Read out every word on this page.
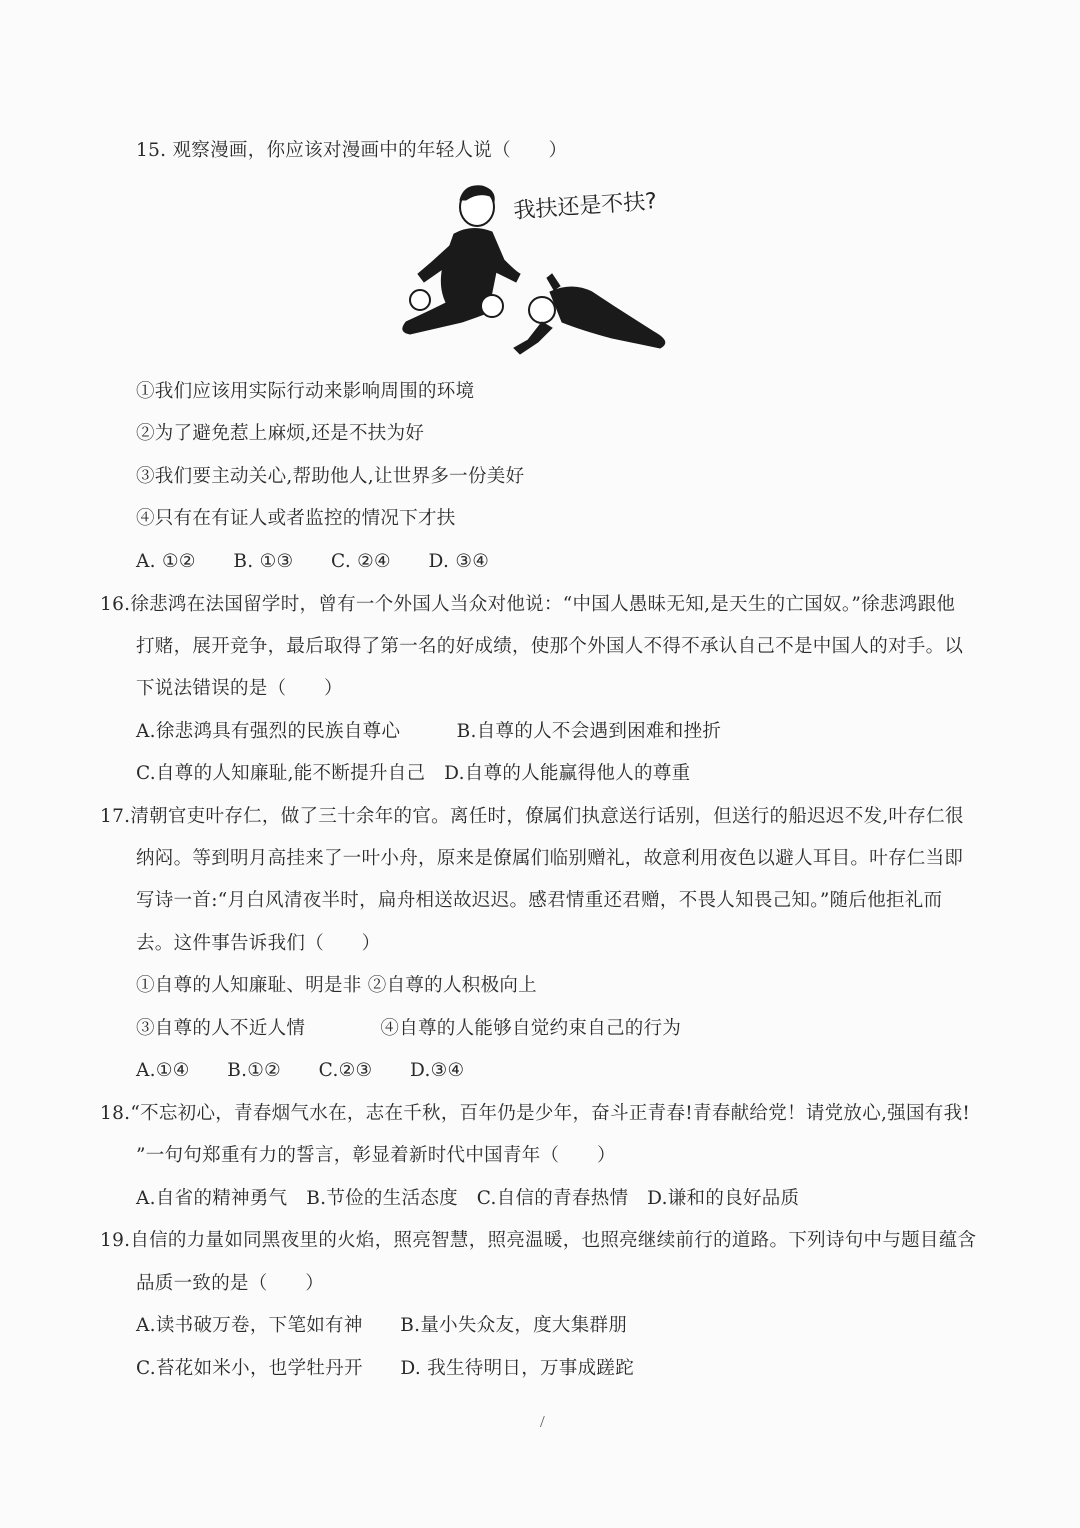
15. 观察漫画，你应该对漫画中的年轻人说（　　）
我扶还是不扶?
①我们应该用实际行动来影响周围的环境
②为了避免惹上麻烦,还是不扶为好
③我们要主动关心,帮助他人,让世界多一份美好
④只有在有证人或者监控的情况下才扶
A. ①②　　B. ①③　　C. ②④　　D. ③④
16.徐悲鸿在法国留学时，曾有一个外国人当众对他说：“中国人愚昧无知,是天生的亡国奴。”徐悲鸿跟他
打赌，展开竞争，最后取得了第一名的好成绩，使那个外国人不得不承认自己不是中国人的对手。以
下说法错误的是（　　）
A.徐悲鸿具有强烈的民族自尊心　　　B.自尊的人不会遇到困难和挫折
C.自尊的人知廉耻,能不断提升自己　D.自尊的人能赢得他人的尊重
17.清朝官吏叶存仁，做了三十余年的官。离任时，僚属们执意送行话别，但送行的船迟迟不发,叶存仁很
纳闷。等到明月高挂来了一叶小舟，原来是僚属们临别赠礼，故意利用夜色以避人耳目。叶存仁当即
写诗一首:“月白风清夜半时，扁舟相送故迟迟。感君情重还君赠，不畏人知畏己知。”随后他拒礼而
去。这件事告诉我们（　　）
①自尊的人知廉耻、明是非 ②自尊的人积极向上
③自尊的人不近人情　　　　④自尊的人能够自觉约束自己的行为
A.①④　　B.①②　　C.②③　　D.③④
18.“不忘初心，青春烟气水在，志在千秋，百年仍是少年，奋斗正青春!青春献给党！请党放心,强国有我!
”一句句郑重有力的誓言，彰显着新时代中国青年（　　）
A.自省的精神勇气　B.节俭的生活态度　C.自信的青春热情　D.谦和的良好品质
19.自信的力量如同黑夜里的火焰，照亮智慧，照亮温暖，也照亮继续前行的道路。下列诗句中与题目蕴含
品质一致的是（　　）
A.读书破万卷，下笔如有神　　B.量小失众友，度大集群朋
C.苔花如米小，也学牡丹开　　D. 我生待明日，万事成蹉跎
/
